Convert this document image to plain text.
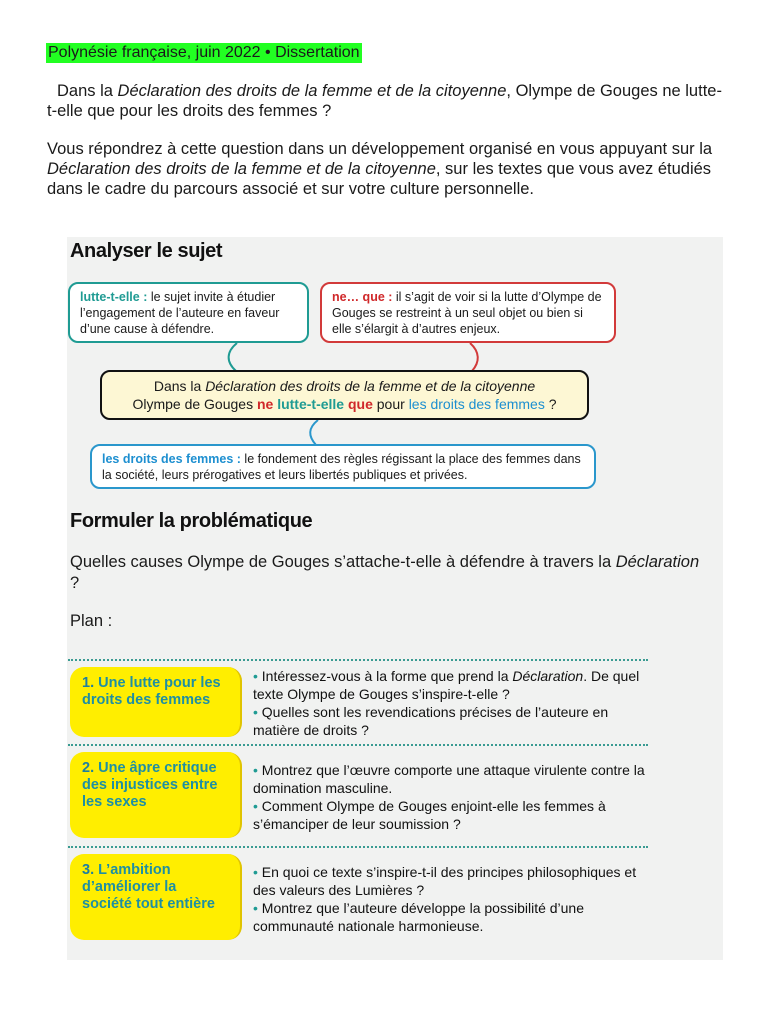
Polynésie française, juin 2022 • Dissertation
Dans la Déclaration des droits de la femme et de la citoyenne, Olympe de Gouges ne lutte-t-elle que pour les droits des femmes ?
Vous répondrez à cette question dans un développement organisé en vous appuyant sur la Déclaration des droits de la femme et de la citoyenne, sur les textes que vous avez étudiés dans le cadre du parcours associé et sur votre culture personnelle.
Analyser le sujet
lutte-t-elle : le sujet invite à étudier l’engagement de l’auteure en faveur d’une cause à défendre.
ne… que : il s’agit de voir si la lutte d’Olympe de Gouges se restreint à un seul objet ou bien si elle s’élargit à d’autres enjeux.
Dans la Déclaration des droits de la femme et de la citoyenne
Olympe de Gouges ne lutte-t-elle que pour les droits des femmes ?
les droits des femmes : le fondement des règles régissant la place des femmes dans la société, leurs prérogatives et leurs libertés publiques et privées.
Formuler la problématique
Quelles causes Olympe de Gouges s’attache-t-elle à défendre à travers la Déclaration ?
Plan :
1. Une lutte pour les droits des femmes
• Intéressez-vous à la forme que prend la Déclaration. De quel texte Olympe de Gouges s’inspire-t-elle ?
• Quelles sont les revendications précises de l’auteure en matière de droits ?
2. Une âpre critique des injustices entre les sexes
• Montrez que l’œuvre comporte une attaque virulente contre la domination masculine.
• Comment Olympe de Gouges enjoint-elle les femmes à s’émanciper de leur soumission ?
3. L’ambition d’améliorer la société tout entière
• En quoi ce texte s’inspire-t-il des principes philosophiques et des valeurs des Lumières ?
• Montrez que l’auteure développe la possibilité d’une communauté nationale harmonieuse.
